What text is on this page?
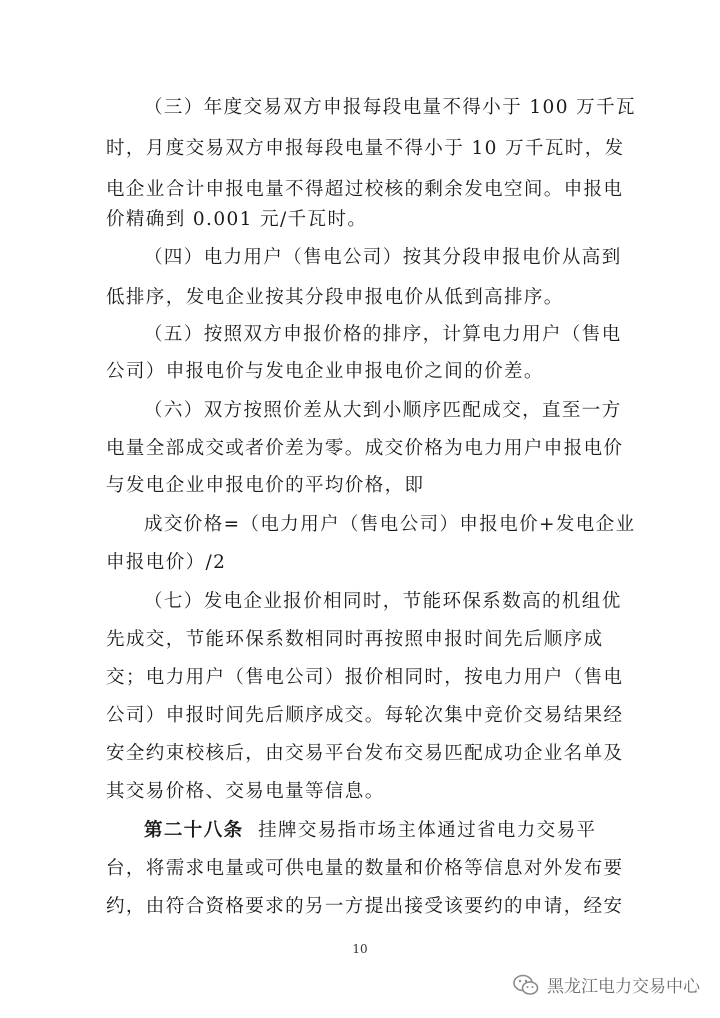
（三）年度交易双方申报每段电量不得小于 100 万千瓦
时，月度交易双方申报每段电量不得小于 10 万千瓦时，发
电企业合计申报电量不得超过校核的剩余发电空间。申报电
价精确到 0.001 元/千瓦时。
（四）电力用户（售电公司）按其分段申报电价从高到
低排序，发电企业按其分段申报电价从低到高排序。
（五）按照双方申报价格的排序，计算电力用户（售电
公司）申报电价与发电企业申报电价之间的价差。
（六）双方按照价差从大到小顺序匹配成交，直至一方
电量全部成交或者价差为零。成交价格为电力用户申报电价
与发电企业申报电价的平均价格，即
成交价格=（电力用户（售电公司）申报电价+发电企业
申报电价）/2
（七）发电企业报价相同时，节能环保系数高的机组优
先成交，节能环保系数相同时再按照申报时间先后顺序成
交；电力用户（售电公司）报价相同时，按电力用户（售电
公司）申报时间先后顺序成交。每轮次集中竞价交易结果经
安全约束校核后，由交易平台发布交易匹配成功企业名单及
其交易价格、交易电量等信息。
第二十八条 挂牌交易指市场主体通过省电力交易平
台，将需求电量或可供电量的数量和价格等信息对外发布要
约，由符合资格要求的另一方提出接受该要约的申请，经安
10
黑龙江电力交易中心
